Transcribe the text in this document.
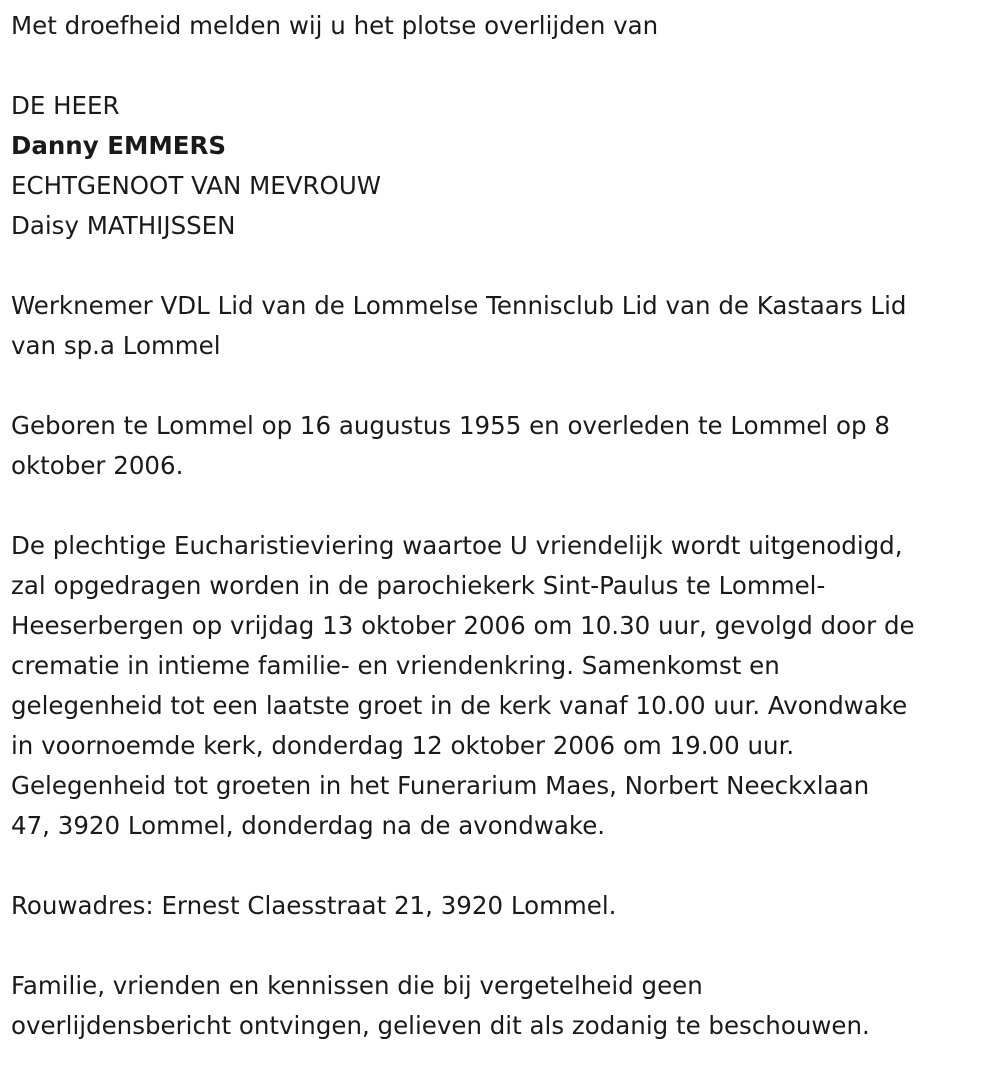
Met droefheid melden wij u het plotse overlijden van

DE HEER

Danny EMMERS

ECHTGENOOT VAN MEVROUW

Daisy MATHIJSSEN

Werknemer VDL Lid van de Lommelse Tennisclub Lid van de Kastaars Lid

van sp.a Lommel

Geboren te Lommel op 16 augustus 1955 en overleden te Lommel op 8

oktober 2006.

De plechtige Eucharistieviering waartoe U vriendelijk wordt uitgenodigd,

zal opgedragen worden in de parochiekerk Sint-Paulus te Lommel-

Heeserbergen op vrijdag 13 oktober 2006 om 10.30 uur, gevolgd door de

crematie in intieme familie- en vriendenkring. Samenkomst en

gelegenheid tot een laatste groet in de kerk vanaf 10.00 uur. Avondwake

in voornoemde kerk, donderdag 12 oktober 2006 om 19.00 uur.

Gelegenheid tot groeten in het Funerarium Maes, Norbert Neeckxlaan

47, 3920 Lommel, donderdag na de avondwake.

Rouwadres: Ernest Claesstraat 21, 3920 Lommel.

Familie, vrienden en kennissen die bij vergetelheid geen

overlijdensbericht ontvingen, gelieven dit als zodanig te beschouwen.
